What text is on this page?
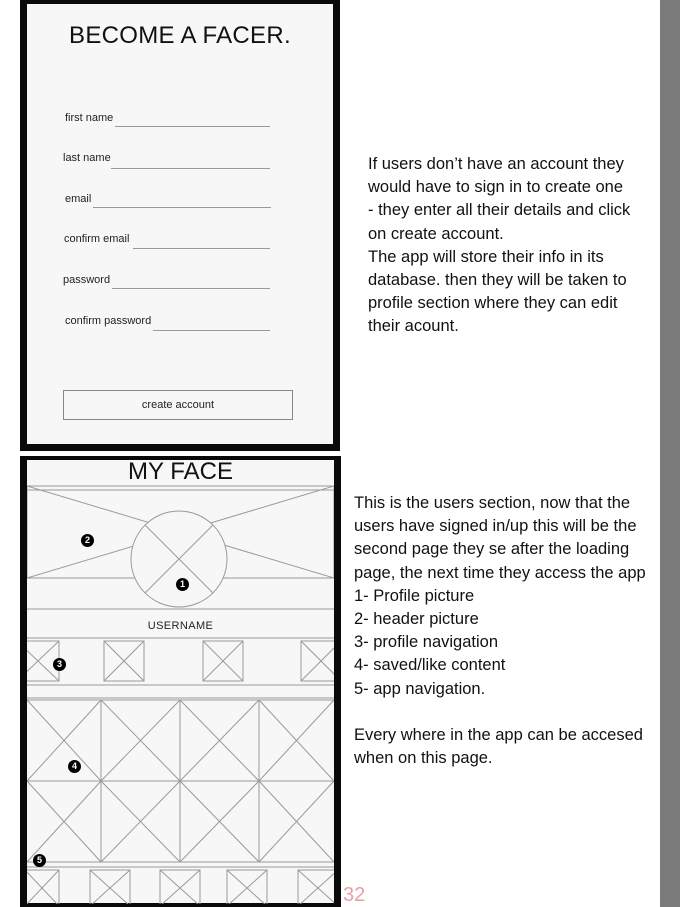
BECOME A FACER.
first name
last name
email
confirm email
password
confirm password
create account
If users don’t have an account they
would have to sign in to create one
- they enter all their details and click
on create account.
The app will store their info in its
database. then they will be taken to
profile section where they can edit
their acount.
MY FACE
USERNAME
1
2
3
4
5
This is the users section, now that the
users have signed in/up this will be the
second page they se after the loading
page, the next time they access the app
1- Profile picture
2- header picture
3- profile navigation
4- saved/like content
5- app navigation.

Every where in the app can be accesed
when on this page.
32
